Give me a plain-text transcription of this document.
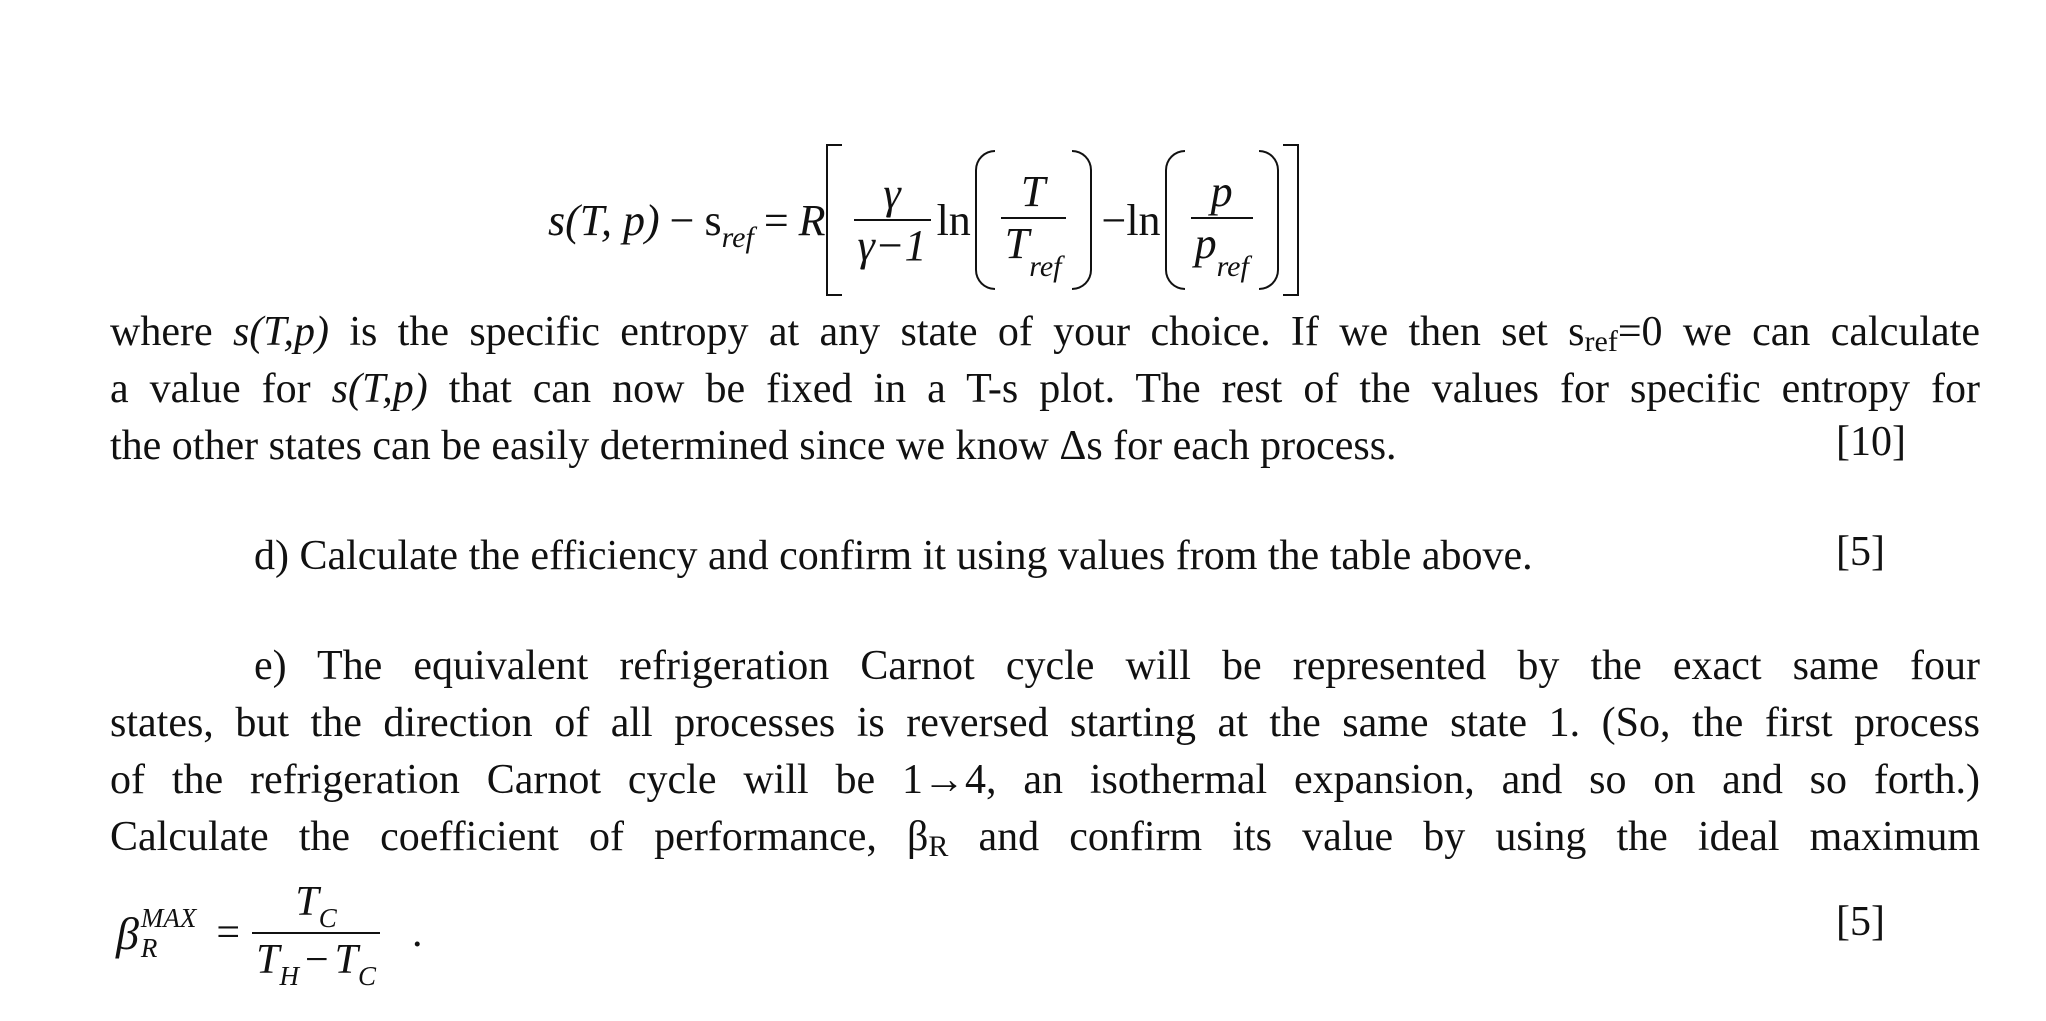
s(T, p) − s ref = R $\frac{\gamma}{\gamma-1}$ $\ln \frac{T}{T_{ref}} - \ln \frac{p}{p_{ref}}$
where s(T,p) is the specific entropy at any state of your choice. If we then set sref=0 we can calculate
a value for s(T,p) that can now be fixed in a T-s plot. The rest of the values for specific entropy for
the other states can be easily determined since we know Δs for each process.	[10]
d) Calculate the efficiency and confirm it using values from the table above.	[5]
e) The equivalent refrigeration Carnot cycle will be represented by the exact same four
states, but the direction of all processes is reversed starting at the same state 1. (So, the first process
of the refrigeration Carnot cycle will be 1→4, an isothermal expansion, and so on and so forth.)
Calculate the coefficient of performance, βR and confirm its value by using the ideal maximum
β MAX
R	= $\frac{T_C}{T_H - T_C}$ .	[5]
